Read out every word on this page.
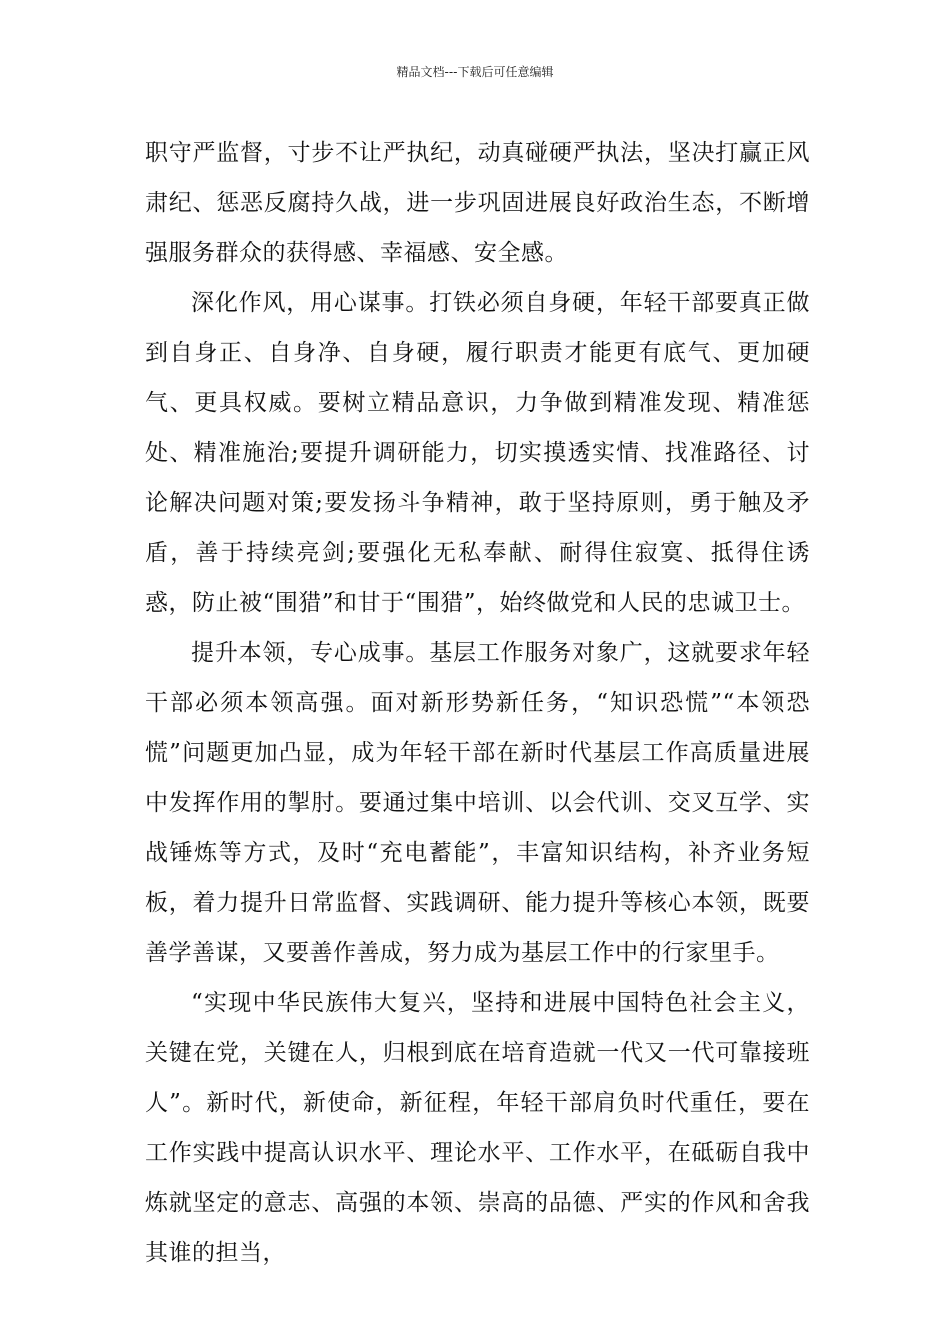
精品文档---下载后可任意编辑

职守严监督，寸步不让严执纪，动真碰硬严执法，坚决打赢正风肃纪、惩恶反腐持久战，进一步巩固进展良好政治生态，不断增强服务群众的获得感、幸福感、安全感。

深化作风，用心谋事。打铁必须自身硬，年轻干部要真正做到自身正、自身净、自身硬，履行职责才能更有底气、更加硬气、更具权威。要树立精品意识，力争做到精准发现、精准惩处、精准施治;要提升调研能力，切实摸透实情、找准路径、讨论解决问题对策;要发扬斗争精神，敢于坚持原则，勇于触及矛盾，善于持续亮剑;要强化无私奉献、耐得住寂寞、抵得住诱惑，防止被“围猎”和甘于“围猎”，始终做党和人民的忠诚卫士。

提升本领，专心成事。基层工作服务对象广，这就要求年轻干部必须本领高强。面对新形势新任务，“知识恐慌”“本领恐慌”问题更加凸显，成为年轻干部在新时代基层工作高质量进展中发挥作用的掣肘。要通过集中培训、以会代训、交叉互学、实战锤炼等方式，及时“充电蓄能”，丰富知识结构，补齐业务短板，着力提升日常监督、实践调研、能力提升等核心本领，既要善学善谋，又要善作善成，努力成为基层工作中的行家里手。

“实现中华民族伟大复兴，坚持和进展中国特色社会主义，关键在党，关键在人，归根到底在培育造就一代又一代可靠接班人”。新时代，新使命，新征程，年轻干部肩负时代重任，要在工作实践中提高认识水平、理论水平、工作水平，在砥砺自我中炼就坚定的意志、高强的本领、崇高的品德、严实的作风和舍我其谁的担当，
